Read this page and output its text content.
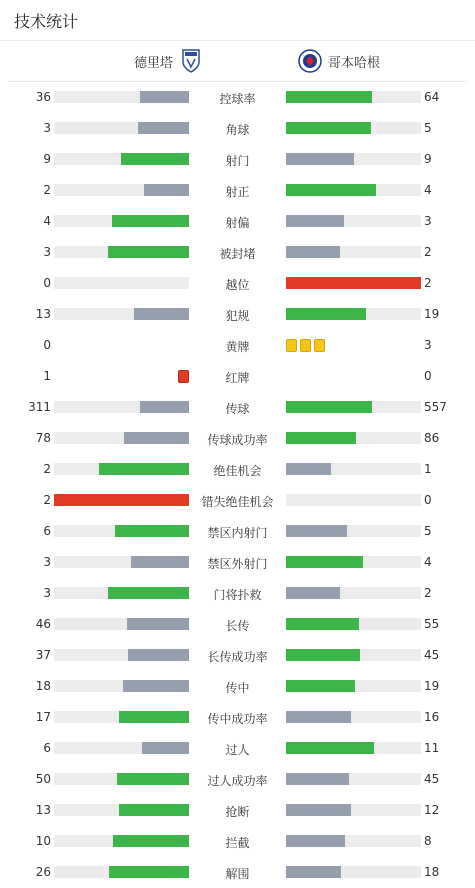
技术统计
德里塔	哥本哈根
36	控球率	64
3	角球	5
9	射门	9
2	射正	4
4	射偏	3
3	被封堵	2
0	越位	2
13	犯规	19
0	黄牌	3
1	红牌	0
311	传球	557
78	传球成功率	86
2	绝佳机会	1
2	错失绝佳机会	0
6	禁区内射门	5
3	禁区外射门	4
3	门将扑救	2
46	长传	55
37	长传成功率	45
18	传中	19
17	传中成功率	16
6	过人	11
50	过人成功率	45
13	抢断	12
10	拦截	8
26	解围	18
